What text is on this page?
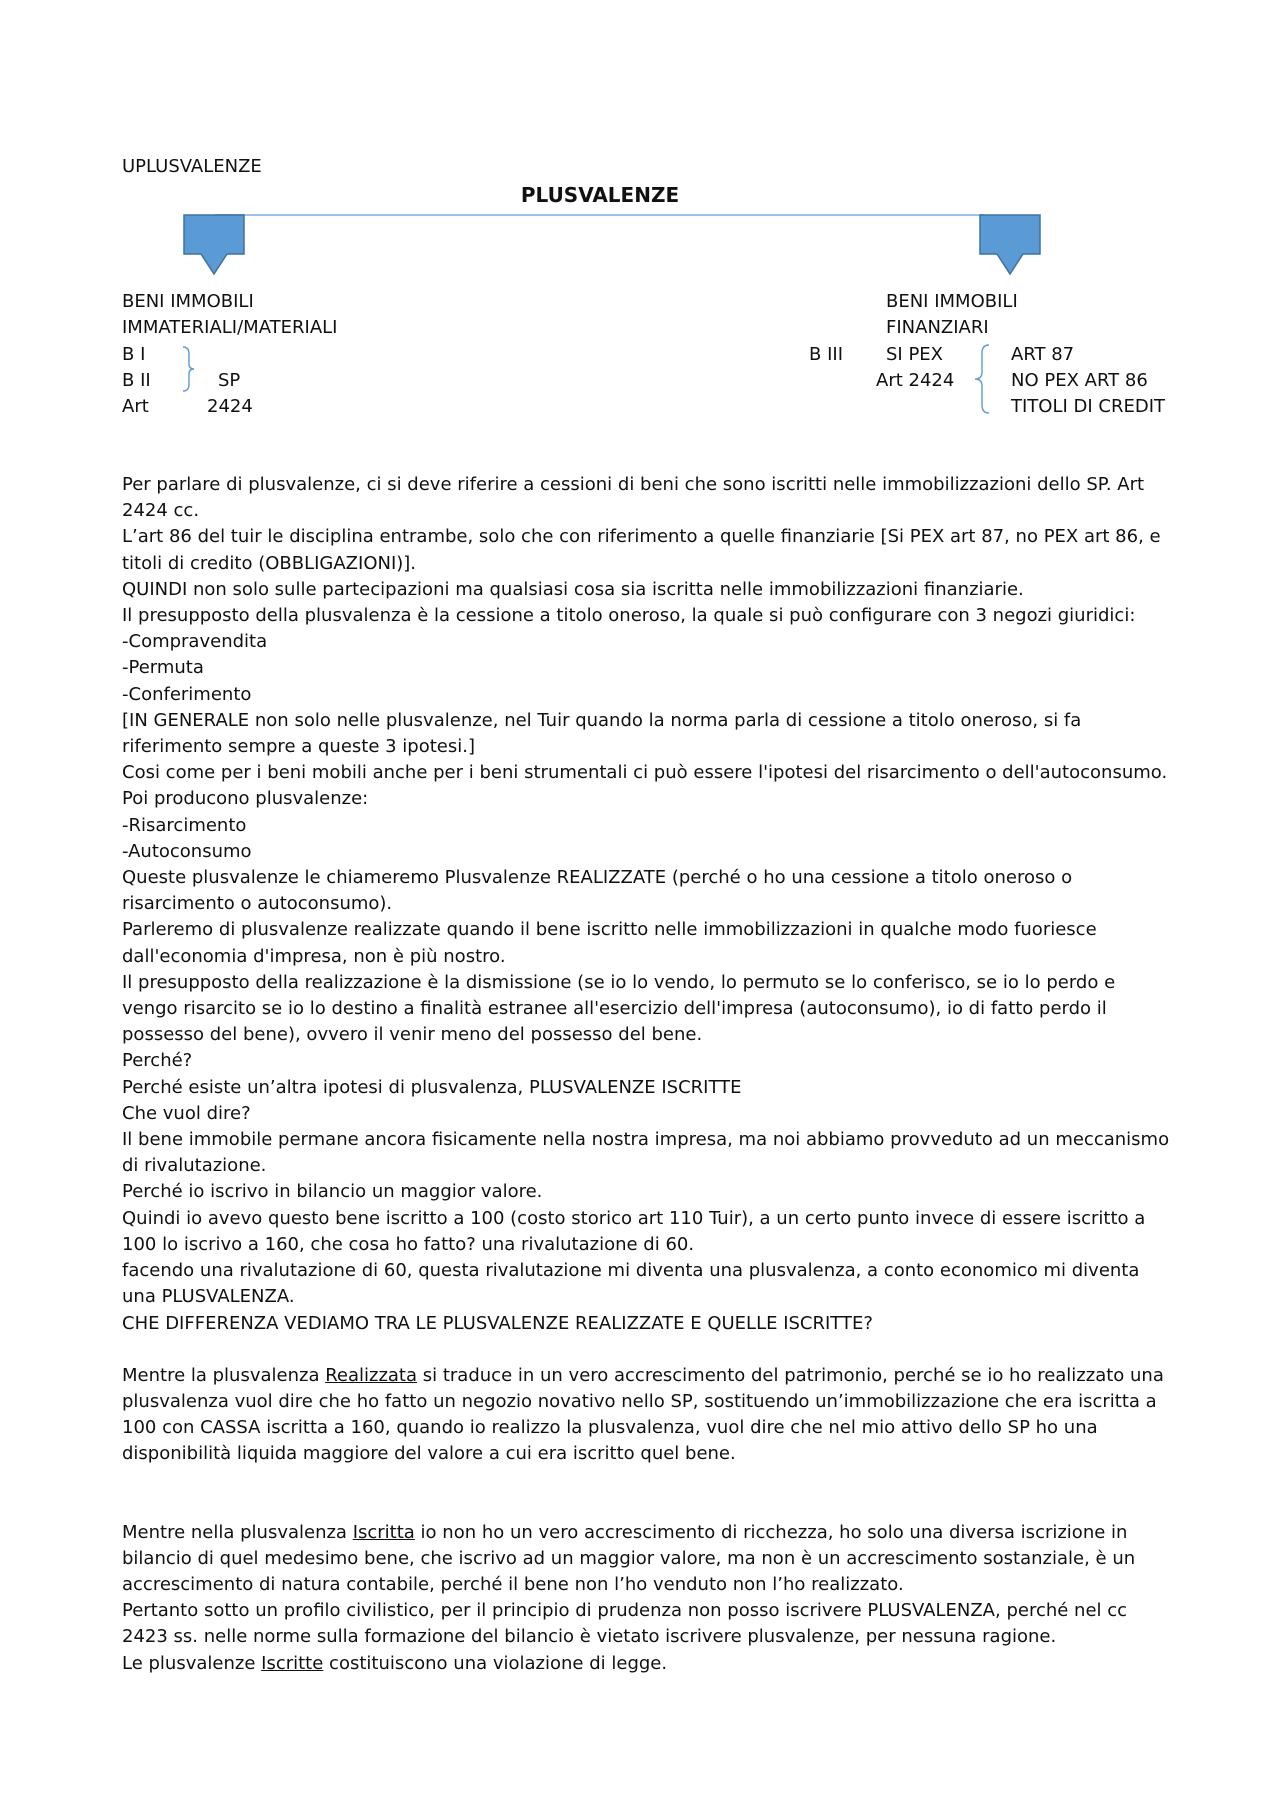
UPLUSVALENZE
PLUSVALENZE
BENI IMMOBILI
IMMATERIALI/MATERIALI
B I
B II
Art
SP
2424
BENI IMMOBILI
FINANZIARI
B III SI PEX
Art 2424
ART 87
NO PEX ART 86
TITOLI DI CREDIT

Per parlare di plusvalenze, ci si deve riferire a cessioni di beni che sono iscritti nelle immobilizzazioni dello SP. Art 2424 cc.

L’art 86 del tuir le disciplina entrambe, solo che con riferimento a quelle finanziarie [Si PEX art 87, no PEX art 86, e titoli di credito (OBBLIGAZIONI)].

QUINDI non solo sulle partecipazioni ma qualsiasi cosa sia iscritta nelle immobilizzazioni finanziarie.

Il presupposto della plusvalenza è la cessione a titolo oneroso, la quale si può configurare con 3 negozi giuridici:

-Compravendita

-Permuta

-Conferimento

[IN GENERALE non solo nelle plusvalenze, nel Tuir quando la norma parla di cessione a titolo oneroso, si fa riferimento sempre a queste 3 ipotesi.]

Cosi come per i beni mobili anche per i beni strumentali ci può essere l'ipotesi del risarcimento o dell'autoconsumo.

Poi producono plusvalenze:

-Risarcimento

-Autoconsumo

Queste plusvalenze le chiameremo Plusvalenze REALIZZATE (perché o ho una cessione a titolo oneroso o risarcimento o autoconsumo).

Parleremo di plusvalenze realizzate quando il bene iscritto nelle immobilizzazioni in qualche modo fuoriesce dall'economia d'impresa, non è più nostro.

Il presupposto della realizzazione è la dismissione (se io lo vendo, lo permuto se lo conferisco, se io lo perdo e vengo risarcito se io lo destino a finalità estranee all'esercizio dell'impresa (autoconsumo), io di fatto perdo il possesso del bene), ovvero il venir meno del possesso del bene.

Perché?

Perché esiste un’altra ipotesi di plusvalenza, PLUSVALENZE ISCRITTE

Che vuol dire?

Il bene immobile permane ancora fisicamente nella nostra impresa, ma noi abbiamo provveduto ad un meccanismo di rivalutazione.

Perché io iscrivo in bilancio un maggior valore.

Quindi io avevo questo bene iscritto a 100 (costo storico art 110 Tuir), a un certo punto invece di essere iscritto a 100 lo iscrivo a 160, che cosa ho fatto? una rivalutazione di 60.

facendo una rivalutazione di 60, questa rivalutazione mi diventa una plusvalenza, a conto economico mi diventa una PLUSVALENZA.

CHE DIFFERENZA VEDIAMO TRA LE PLUSVALENZE REALIZZATE E QUELLE ISCRITTE?

Mentre la plusvalenza Realizzata si traduce in un vero accrescimento del patrimonio, perché se io ho realizzato una plusvalenza vuol dire che ho fatto un negozio novativo nello SP, sostituendo un’immobilizzazione che era iscritta a 100 con CASSA iscritta a 160, quando io realizzo la plusvalenza, vuol dire che nel mio attivo dello SP ho una disponibilità liquida maggiore del valore a cui era iscritto quel bene.

Mentre nella plusvalenza Iscritta io non ho un vero accrescimento di ricchezza, ho solo una diversa iscrizione in bilancio di quel medesimo bene, che iscrivo ad un maggior valore, ma non è un accrescimento sostanziale, è un accrescimento di natura contabile, perché il bene non l’ho venduto non l’ho realizzato.

Pertanto sotto un profilo civilistico, per il principio di prudenza non posso iscrivere PLUSVALENZA, perché nel cc 2423 ss. nelle norme sulla formazione del bilancio è vietato iscrivere plusvalenze, per nessuna ragione.

Le plusvalenze Iscritte costituiscono una violazione di legge.
